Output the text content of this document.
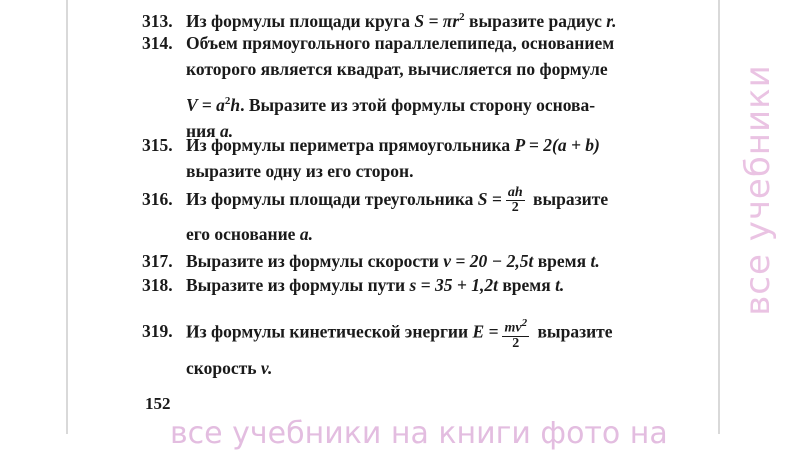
313. Из формулы площади круга $S = \pi r^2$ выразите радиус r.
314. Объем прямоугольного параллелепипеда, основанием
которого является квадрат, вычисляется по формуле
$V = a^2h$. Выразите из этой формулы сторону основа-
ния a.
315. Из формулы периметра прямоугольника P = 2(a + b)
выразите одну из его сторон.
316. Из формулы площади треугольника $S = \frac{ah}{2}$ выразите
его основание a.
317. Выразите из формулы скорости v = 20 − 2,5t время t.
318. Выразите из формулы пути s = 35 + 1,2t время t.
319. Из формулы кинетической энергии $E = \frac{mv^2}{2}$ выразите
скорость v.
152
все учебники
все учебники на книги фото на
